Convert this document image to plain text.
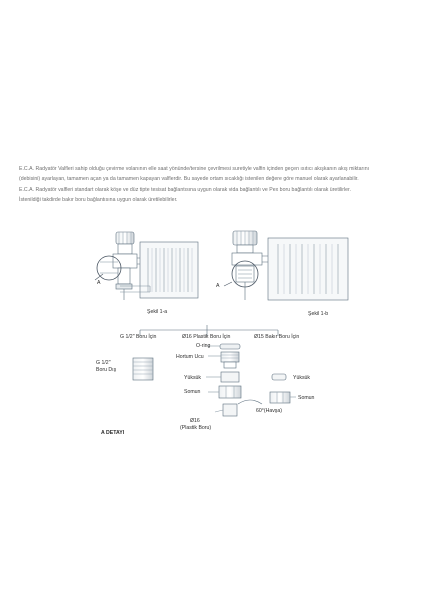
E.C.A. Radyatör Valfleri sahip olduğu çevirme volanının elle saat yönünde/tersine çevrilmesi suretiyle valfin içinden geçen ısıtıcı akışkanın akış miktarını
(debisini) ayarlayan, tamamen açan ya da tamamen kapayan valflerdir. Bu sayede ortam sıcaklığı istenilen değere göre manuel olarak ayarlanabilir.
E.C.A. Radyatör valfleri standart olarak köşe ve düz tipte tesisat bağlantısına uygun olarak vida bağlantılı ve Pex boru bağlantılı olarak üretilirler.
İstenildiği takdirde bakır boru bağlantısına uygun olarak üretilebilirler.
A
Şekil 1-a
A
Şekil 1-b
G 1/2" Boru İçin	Ø16 Plastik Boru İçin	Ø15 Bakır Boru İçin
G 1/2"
Boru Dış
O-ring
Hortum Ucu
Yüksük
Somun
Yüksük
Somun
60°(Havşa)
Ø16
(Plastik Boru)
A DETAYI
